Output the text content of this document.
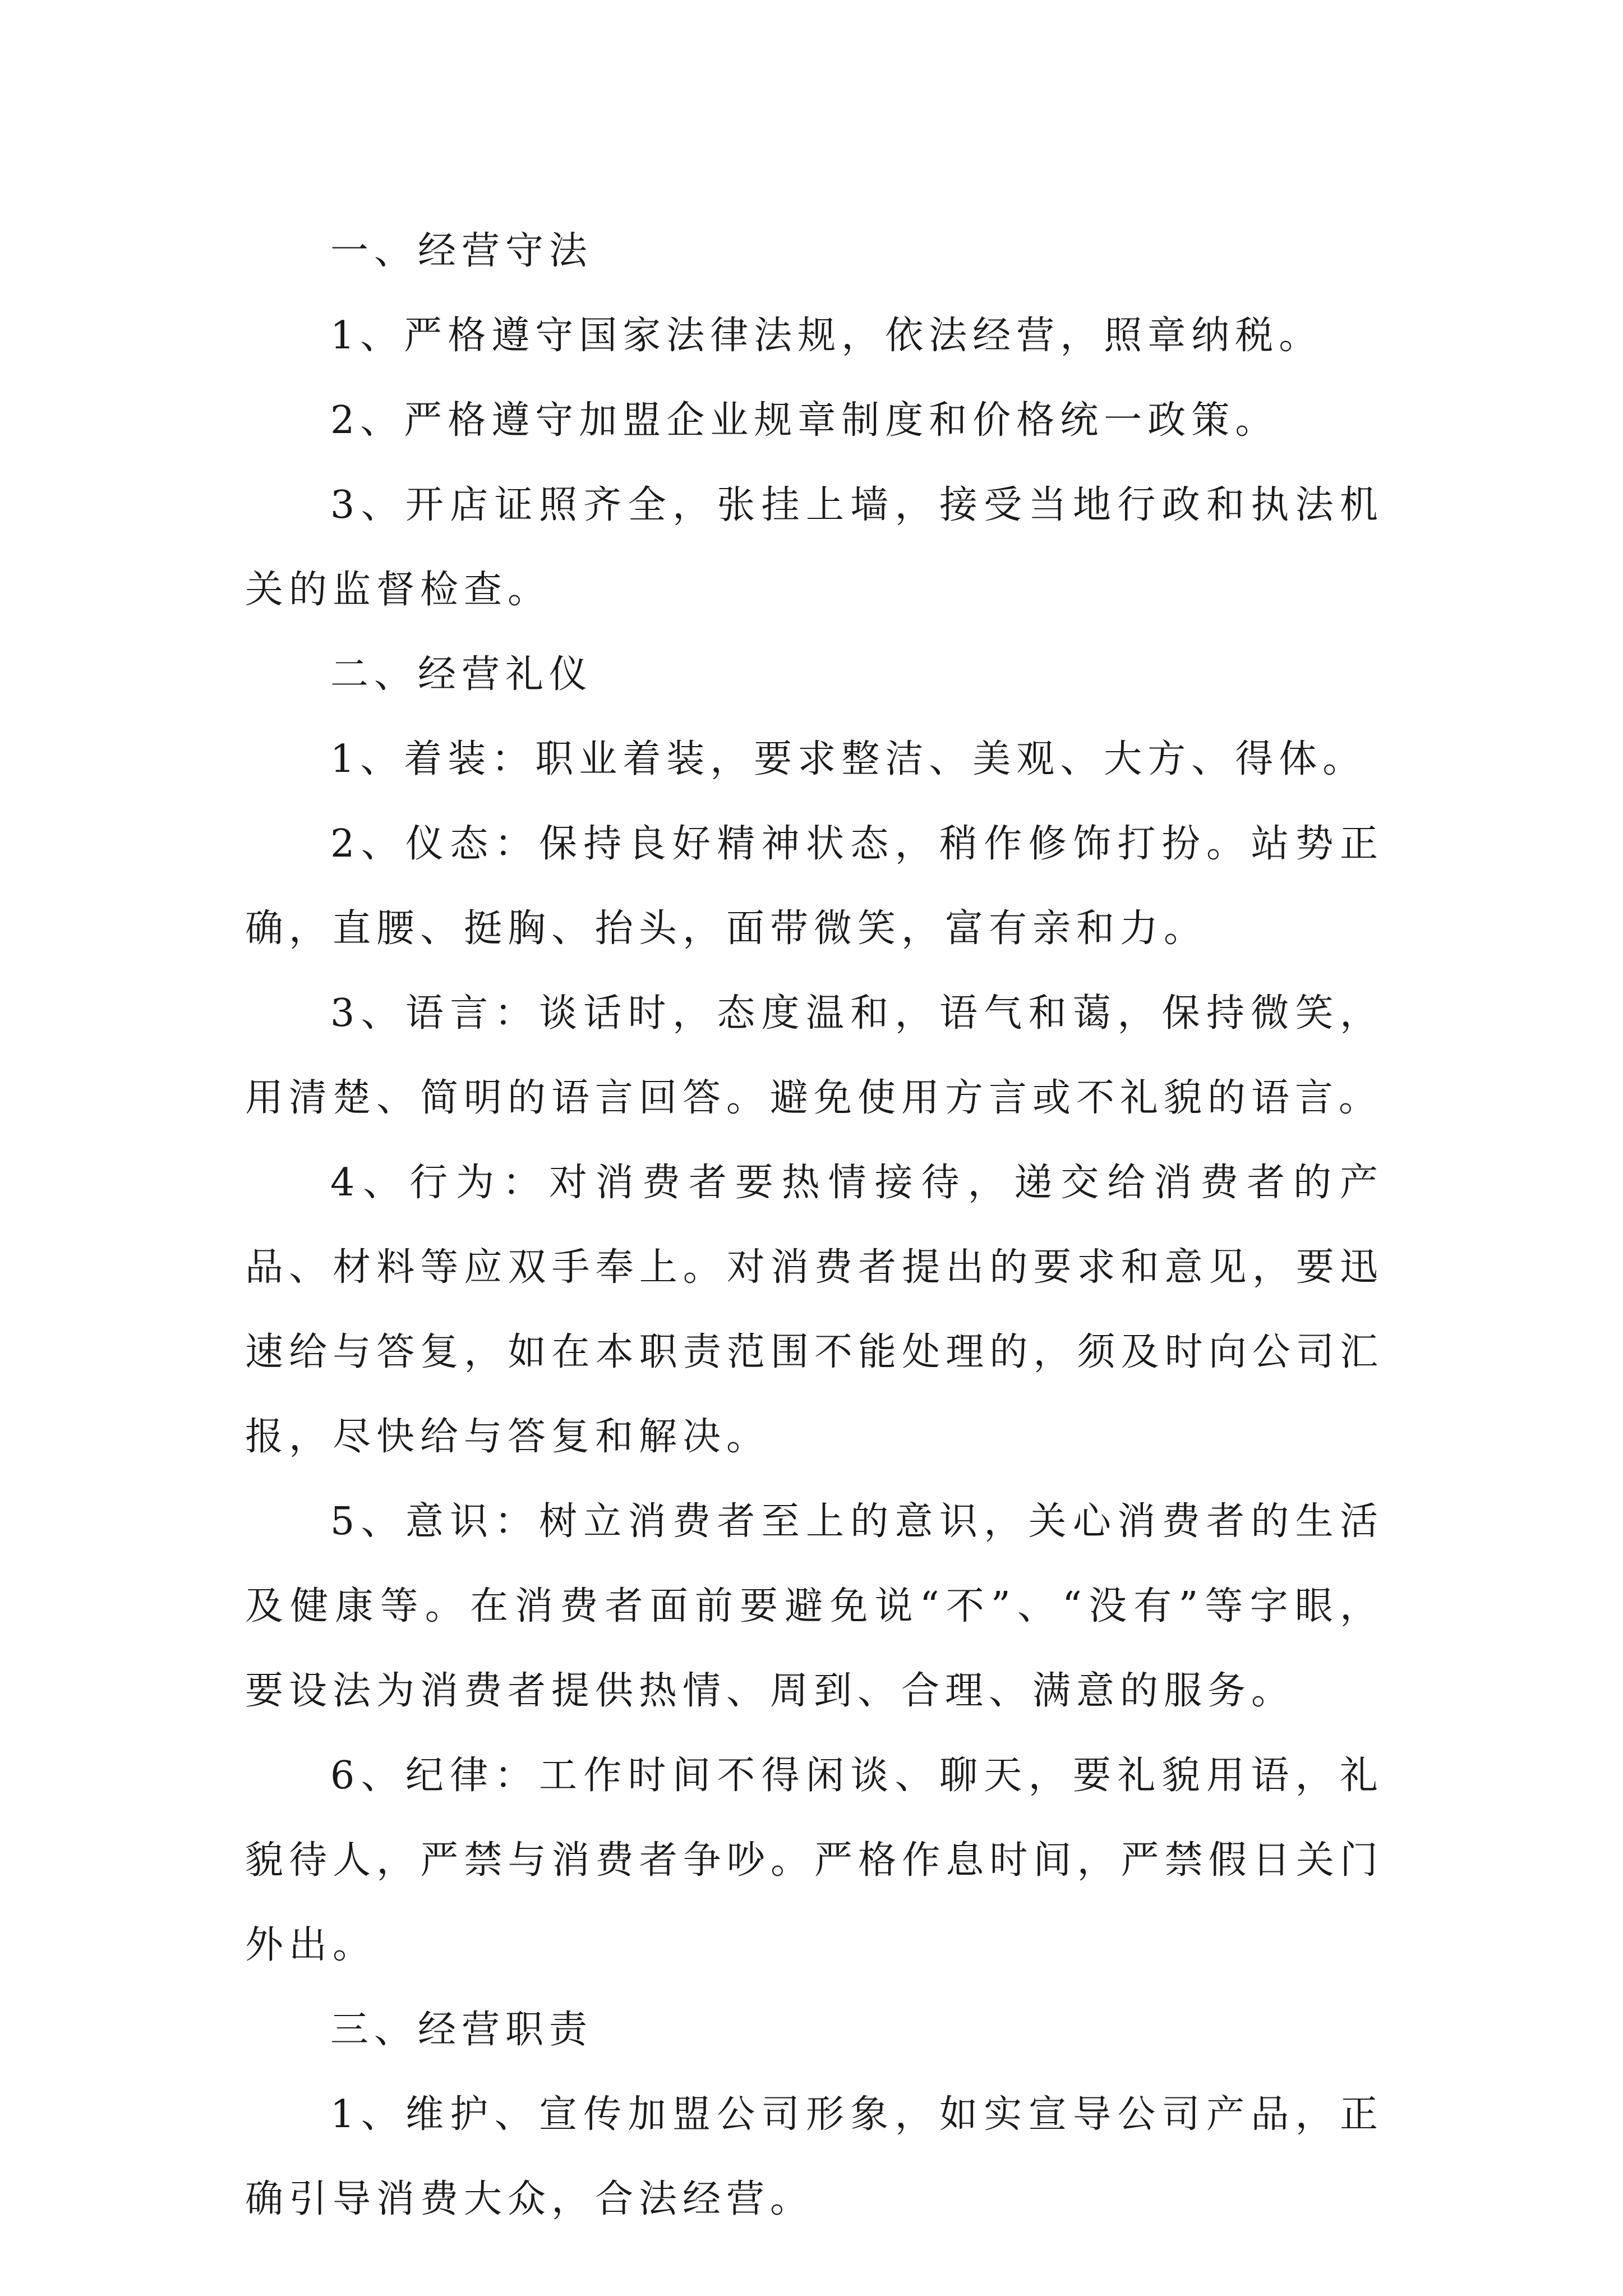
一、经营守法

1、严格遵守国家法律法规，依法经营，照章纳税。

2、严格遵守加盟企业规章制度和价格统一政策。

3、开店证照齐全，张挂上墙，接受当地行政和执法机关的监督检查。

二、经营礼仪

1、着装：职业着装，要求整洁、美观、大方、得体。

2、仪态：保持良好精神状态，稍作修饰打扮。站势正确，直腰、挺胸、抬头，面带微笑，富有亲和力。

3、语言：谈话时，态度温和，语气和蔼，保持微笑，用清楚、简明的语言回答。避免使用方言或不礼貌的语言。

4、行为：对消费者要热情接待，递交给消费者的产品、材料等应双手奉上。对消费者提出的要求和意见，要迅速给与答复，如在本职责范围不能处理的，须及时向公司汇报，尽快给与答复和解决。

5、意识：树立消费者至上的意识，关心消费者的生活及健康等。在消费者面前要避免说“不”、“没有”等字眼，要设法为消费者提供热情、周到、合理、满意的服务。

6、纪律：工作时间不得闲谈、聊天，要礼貌用语，礼貌待人，严禁与消费者争吵。严格作息时间，严禁假日关门外出。

三、经营职责

1、维护、宣传加盟公司形象，如实宣导公司产品，正确引导消费大众，合法经营。
